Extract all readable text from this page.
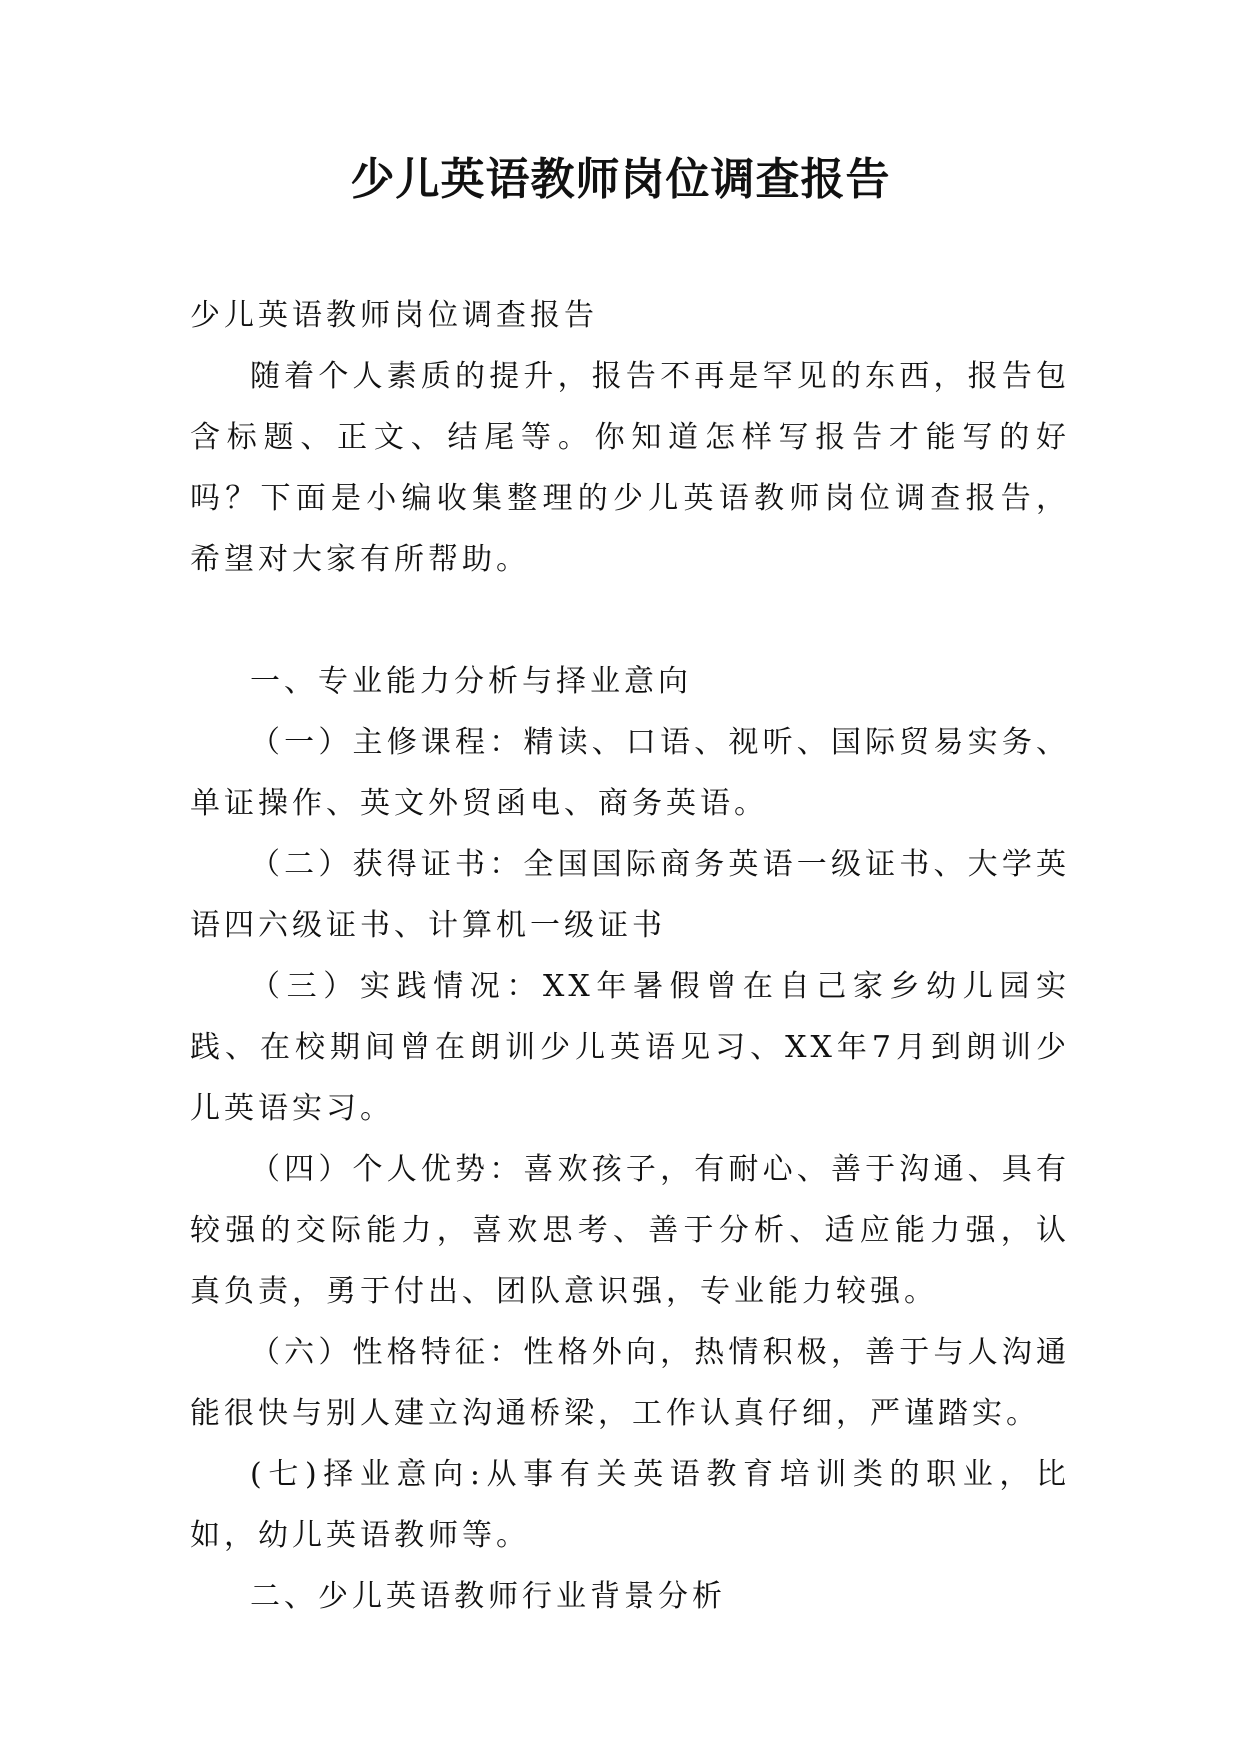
少儿英语教师岗位调查报告

少儿英语教师岗位调查报告

随着个人素质的提升，报告不再是罕见的东西，报告包含标题、正文、结尾等。你知道怎样写报告才能写的好吗？下面是小编收集整理的少儿英语教师岗位调查报告，希望对大家有所帮助。

一、专业能力分析与择业意向

（一）主修课程：精读、口语、视听、国际贸易实务、单证操作、英文外贸函电、商务英语。

（二）获得证书：全国国际商务英语一级证书、大学英语四六级证书、计算机一级证书

（三）实践情况：XX年暑假曾在自己家乡幼儿园实践、在校期间曾在朗训少儿英语见习、XX年7月到朗训少儿英语实习。

（四）个人优势：喜欢孩子，有耐心、善于沟通、具有较强的交际能力，喜欢思考、善于分析、适应能力强，认真负责，勇于付出、团队意识强，专业能力较强。

（六）性格特征：性格外向，热情积极，善于与人沟通能很快与别人建立沟通桥梁，工作认真仔细，严谨踏实。

(七)择业意向:从事有关英语教育培训类的职业，比如，幼儿英语教师等。

二、少儿英语教师行业背景分析
